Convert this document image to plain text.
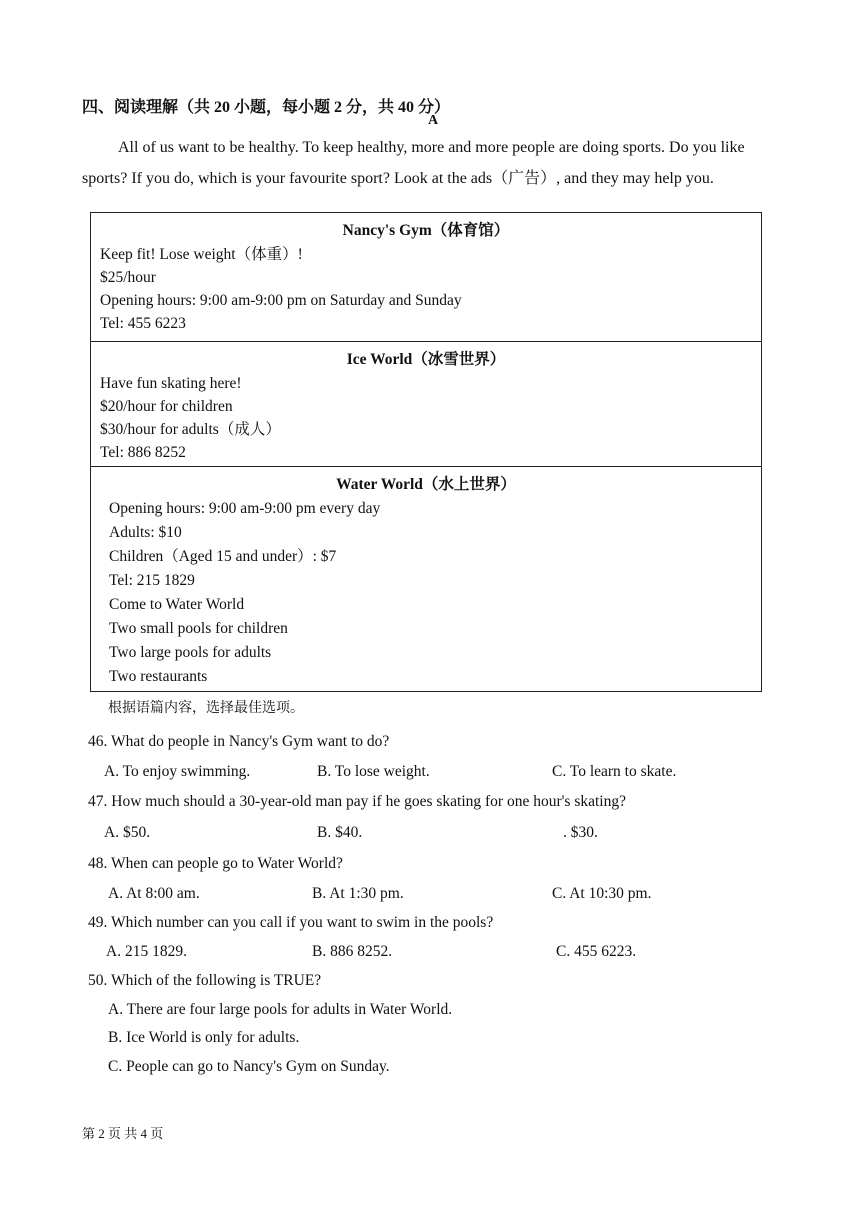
四、阅读理解（共 20 小题，每小题 2 分，共 40 分）
A
All of us want to be healthy. To keep healthy, more and more people are doing sports. Do you like sports? If you do, which is your favourite sport? Look at the ads（广告）, and they may help you.
Nancy's Gym（体育馆）
Keep fit! Lose weight（体重）!
$25/hour
Opening hours: 9:00 am-9:00 pm on Saturday and Sunday
Tel: 455 6223
Ice World（冰雪世界）
Have fun skating here!
$20/hour for children
$30/hour for adults（成人）
Tel: 886 8252
Water World（水上世界）
Opening hours: 9:00 am-9:00 pm every day
Adults: $10
Children（Aged 15 and under）: $7
Tel: 215 1829
Come to Water World
Two small pools for children
Two large pools for adults
Two restaurants
根据语篇内容，选择最佳选项。
46. What do people in Nancy's Gym want to do?
A. To enjoy swimming.	B. To lose weight.	C. To learn to skate.
47. How much should a 30-year-old man pay if he goes skating for one hour's skating?
A. $50.	B. $40.	. $30.
48. When can people go to Water World?
A. At 8:00 am.	B. At 1:30 pm.	C. At 10:30 pm.
49. Which number can you call if you want to swim in the pools?
A. 215 1829.	B. 886 8252.	C. 455 6223.
50. Which of the following is TRUE?
A. There are four large pools for adults in Water World.
B. Ice World is only for adults.
C. People can go to Nancy's Gym on Sunday.
第 2 页 共 4 页
